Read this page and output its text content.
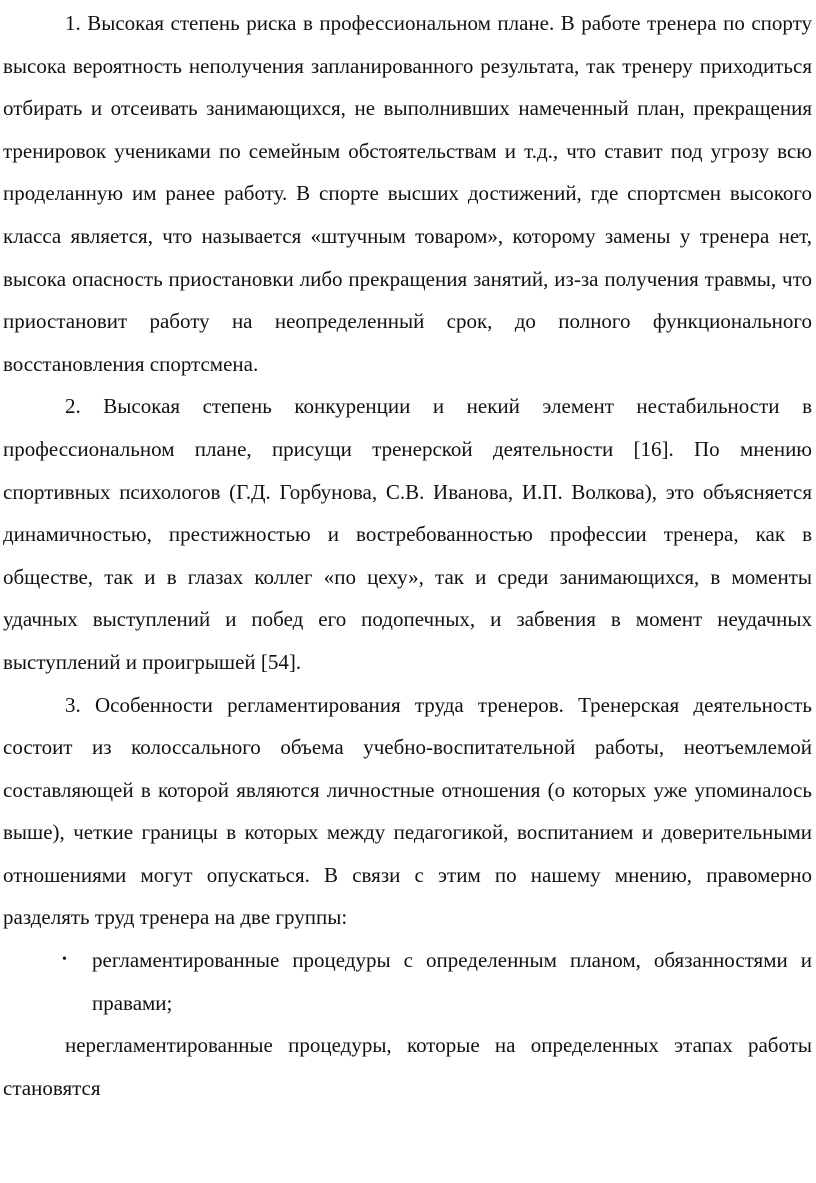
1. Высокая степень риска в профессиональном плане. В работе тренера по спорту высока вероятность неполучения запланированного результата, так тренеру приходиться отбирать и отсеивать занимающихся, не выполнивших намеченный план, прекращения тренировок учениками по семейным обстоятельствам и т.д., что ставит под угрозу всю проделанную им ранее работу. В спорте высших достижений, где спортсмен высокого класса является, что называется «штучным товаром», которому замены у тренера нет, высока опасность приостановки либо прекращения занятий, из-за получения травмы, что приостановит работу на неопределенный срок, до полного функционального восстановления спортсмена.

2. Высокая степень конкуренции и некий элемент нестабильности в профессиональном плане, присущи тренерской деятельности [16]. По мнению спортивных психологов (Г.Д. Горбунова, С.В. Иванова, И.П. Волкова), это объясняется динамичностью, престижностью и востребованностью профессии тренера, как в обществе, так и в глазах коллег «по цеху», так и среди занимающихся, в моменты удачных выступлений и побед его подопечных, и забвения в момент неудачных выступлений и проигрышей [54].

3. Особенности регламентирования труда тренеров. Тренерская деятельность состоит из колоссального объема учебно-воспитательной работы, неотъемлемой составляющей в которой являются личностные отношения (о которых уже упоминалось выше), четкие границы в которых между педагогикой, воспитанием и доверительными отношениями могут опускаться. В связи с этим по нашему мнению, правомерно разделять труд тренера на две группы:

• регламентированные процедуры с определенным планом, обязанностями и правами;

нерегламентированные процедуры, которые на определенных этапах работы становятся
